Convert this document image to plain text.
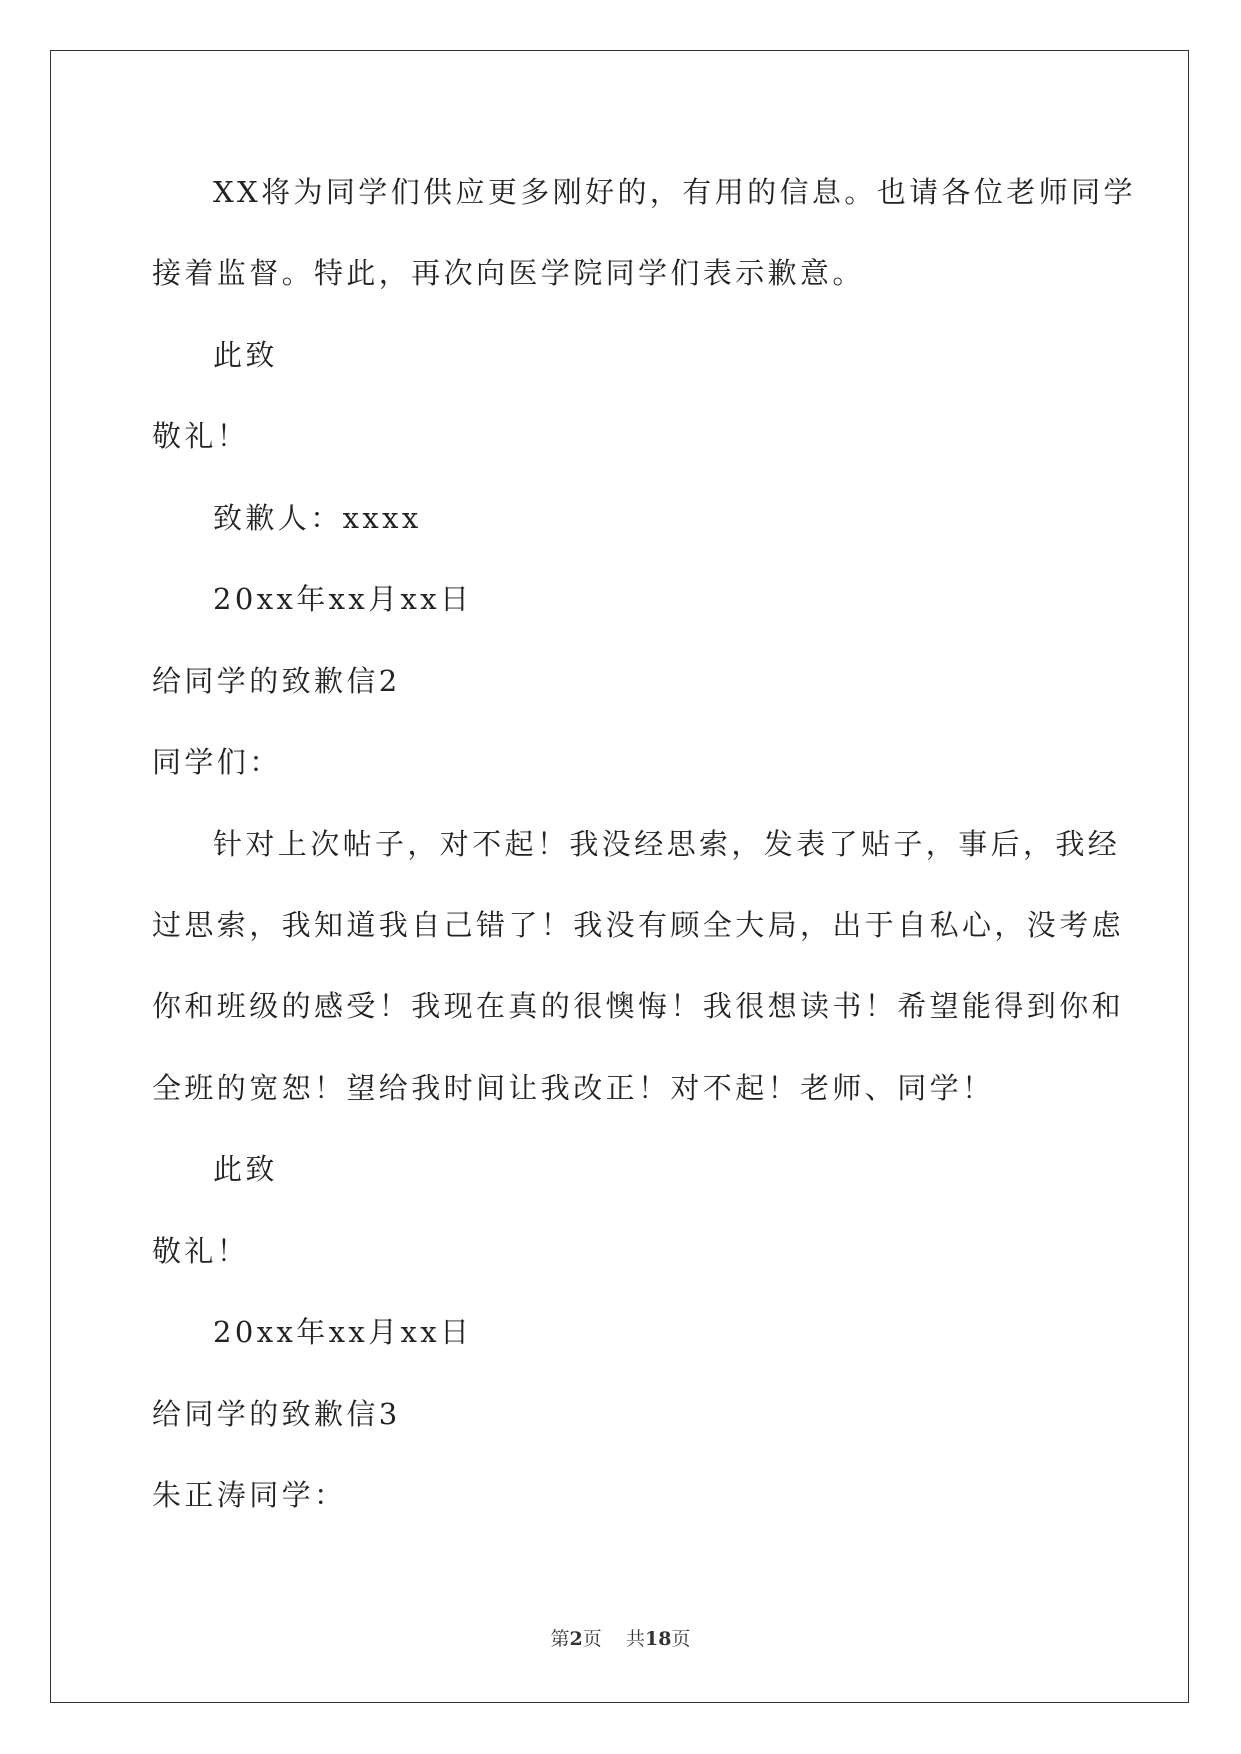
XX将为同学们供应更多刚好的，有用的信息。也请各位老师同学
接着监督。特此，再次向医学院同学们表示歉意。
此致
敬礼！
致歉人：xxxx
20xx年xx月xx日
给同学的致歉信2
同学们：
针对上次帖子，对不起！我没经思索，发表了贴子，事后，我经
过思索，我知道我自己错了！我没有顾全大局，出于自私心，没考虑
你和班级的感受！我现在真的很懊悔！我很想读书！希望能得到你和
全班的宽恕！望给我时间让我改正！对不起！老师、同学！
此致
敬礼！
20xx年xx月xx日
给同学的致歉信3
朱正涛同学：
第2页 共18页
